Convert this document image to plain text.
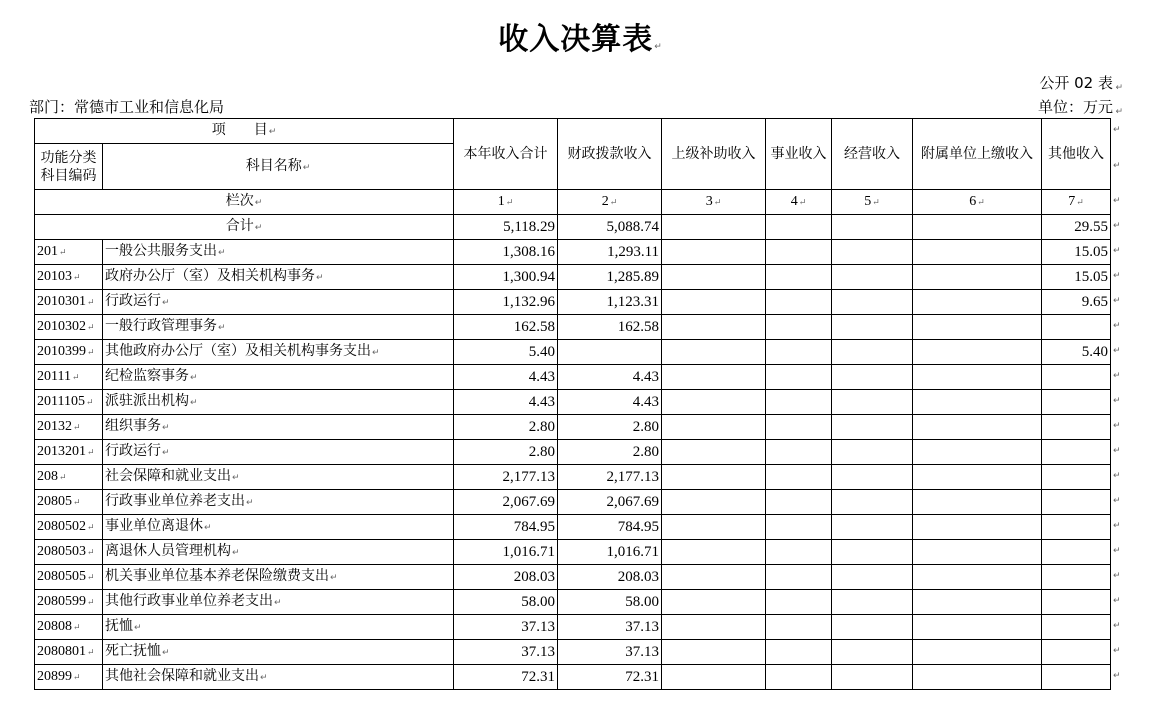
收入决算表↵
公开 02 表 ↵
部门：常德市工业和信息化局	单位：万元 ↵
项　　目↵		本年收入合计	财政拨款收入	上级补助收入	事业收入	经营收入	附属单位上缴收入	其他收入
功能分类科目编码	科目名称↵							
栏次↵		1↵	2↵	3↵	4↵	5↵	6↵	7↵
合计↵		5,118.29	5,088.74					29.55
201↵	一般公共服务支出↵	1,308.16	1,293.11					15.05
20103↵	政府办公厅（室）及相关机构事务↵	1,300.94	1,285.89					15.05
2010301↵	行政运行↵	1,132.96	1,123.31					9.65
2010302↵	一般行政管理事务↵	162.58	162.58					
2010399↵	其他政府办公厅（室）及相关机构事务支出↵	5.40						5.40
20111↵	纪检监察事务↵	4.43	4.43					
2011105↵	派驻派出机构↵	4.43	4.43					
20132↵	组织事务↵	2.80	2.80					
2013201↵	行政运行↵	2.80	2.80					
208↵	社会保障和就业支出↵	2,177.13	2,177.13					
20805↵	行政事业单位养老支出↵	2,067.69	2,067.69					
2080502↵	事业单位离退休↵	784.95	784.95					
2080503↵	离退休人员管理机构↵	1,016.71	1,016.71					
2080505↵	机关事业单位基本养老保险缴费支出↵	208.03	208.03					
2080599↵	其他行政事业单位养老支出↵	58.00	58.00					
20808↵	抚恤↵	37.13	37.13					
2080801↵	死亡抚恤↵	37.13	37.13					
20899↵	其他社会保障和就业支出↵	72.31	72.31					
↵
↵
↵
↵
↵
↵
↵
↵
↵
↵
↵
↵
↵
↵
↵
↵
↵
↵
↵
↵
↵
↵
